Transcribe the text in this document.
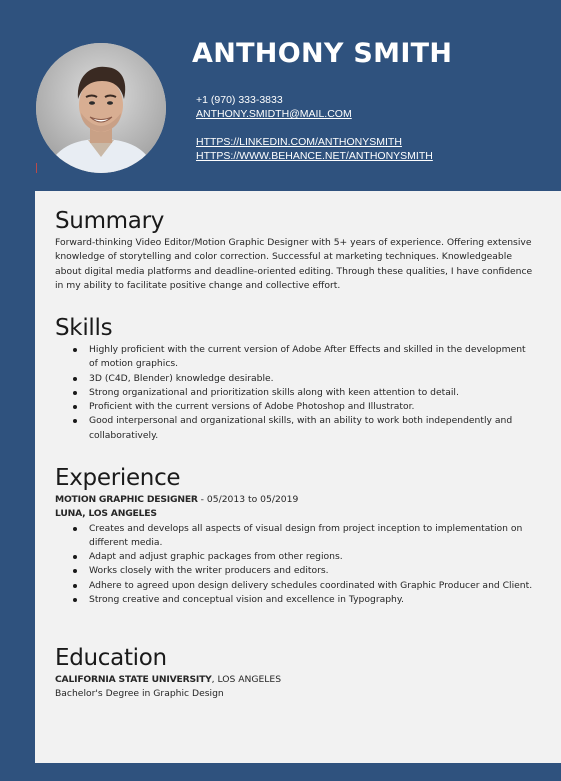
ANTHONY SMITH
+1 (970) 333-3833
ANTHONY.SMIDTH@MAIL.COM
HTTPS://LINKEDIN.COM/ANTHONYSMITH
HTTPS://WWW.BEHANCE.NET/ANTHONYSMITH
Summary

Forward-thinking Video Editor/Motion Graphic Designer with 5+ years of experience. Offering extensive knowledge of storytelling and color correction. Successful at marketing techniques. Knowledgeable about digital media platforms and deadline-oriented editing. Through these qualities, I have confidence in my ability to facilitate positive change and collective effort.

Skills
Highly proficient with the current version of Adobe After Effects and skilled in the development of motion graphics.
3D (C4D, Blender) knowledge desirable.
Strong organizational and prioritization skills along with keen attention to detail.
Proficient with the current versions of Adobe Photoshop and Illustrator.
Good interpersonal and organizational skills, with an ability to work both independently and collaboratively.
Experience

MOTION GRAPHIC DESIGNER - 05/2013 to 05/2019

LUNA, LOS ANGELES

Creates and develops all aspects of visual design from project inception to implementation on different media.
Adapt and adjust graphic packages from other regions.
Works closely with the writer producers and editors.
Adhere to agreed upon design delivery schedules coordinated with Graphic Producer and Client.
Strong creative and conceptual vision and excellence in Typography.
Education

CALIFORNIA STATE UNIVERSITY, LOS ANGELES

Bachelor's Degree in Graphic Design
